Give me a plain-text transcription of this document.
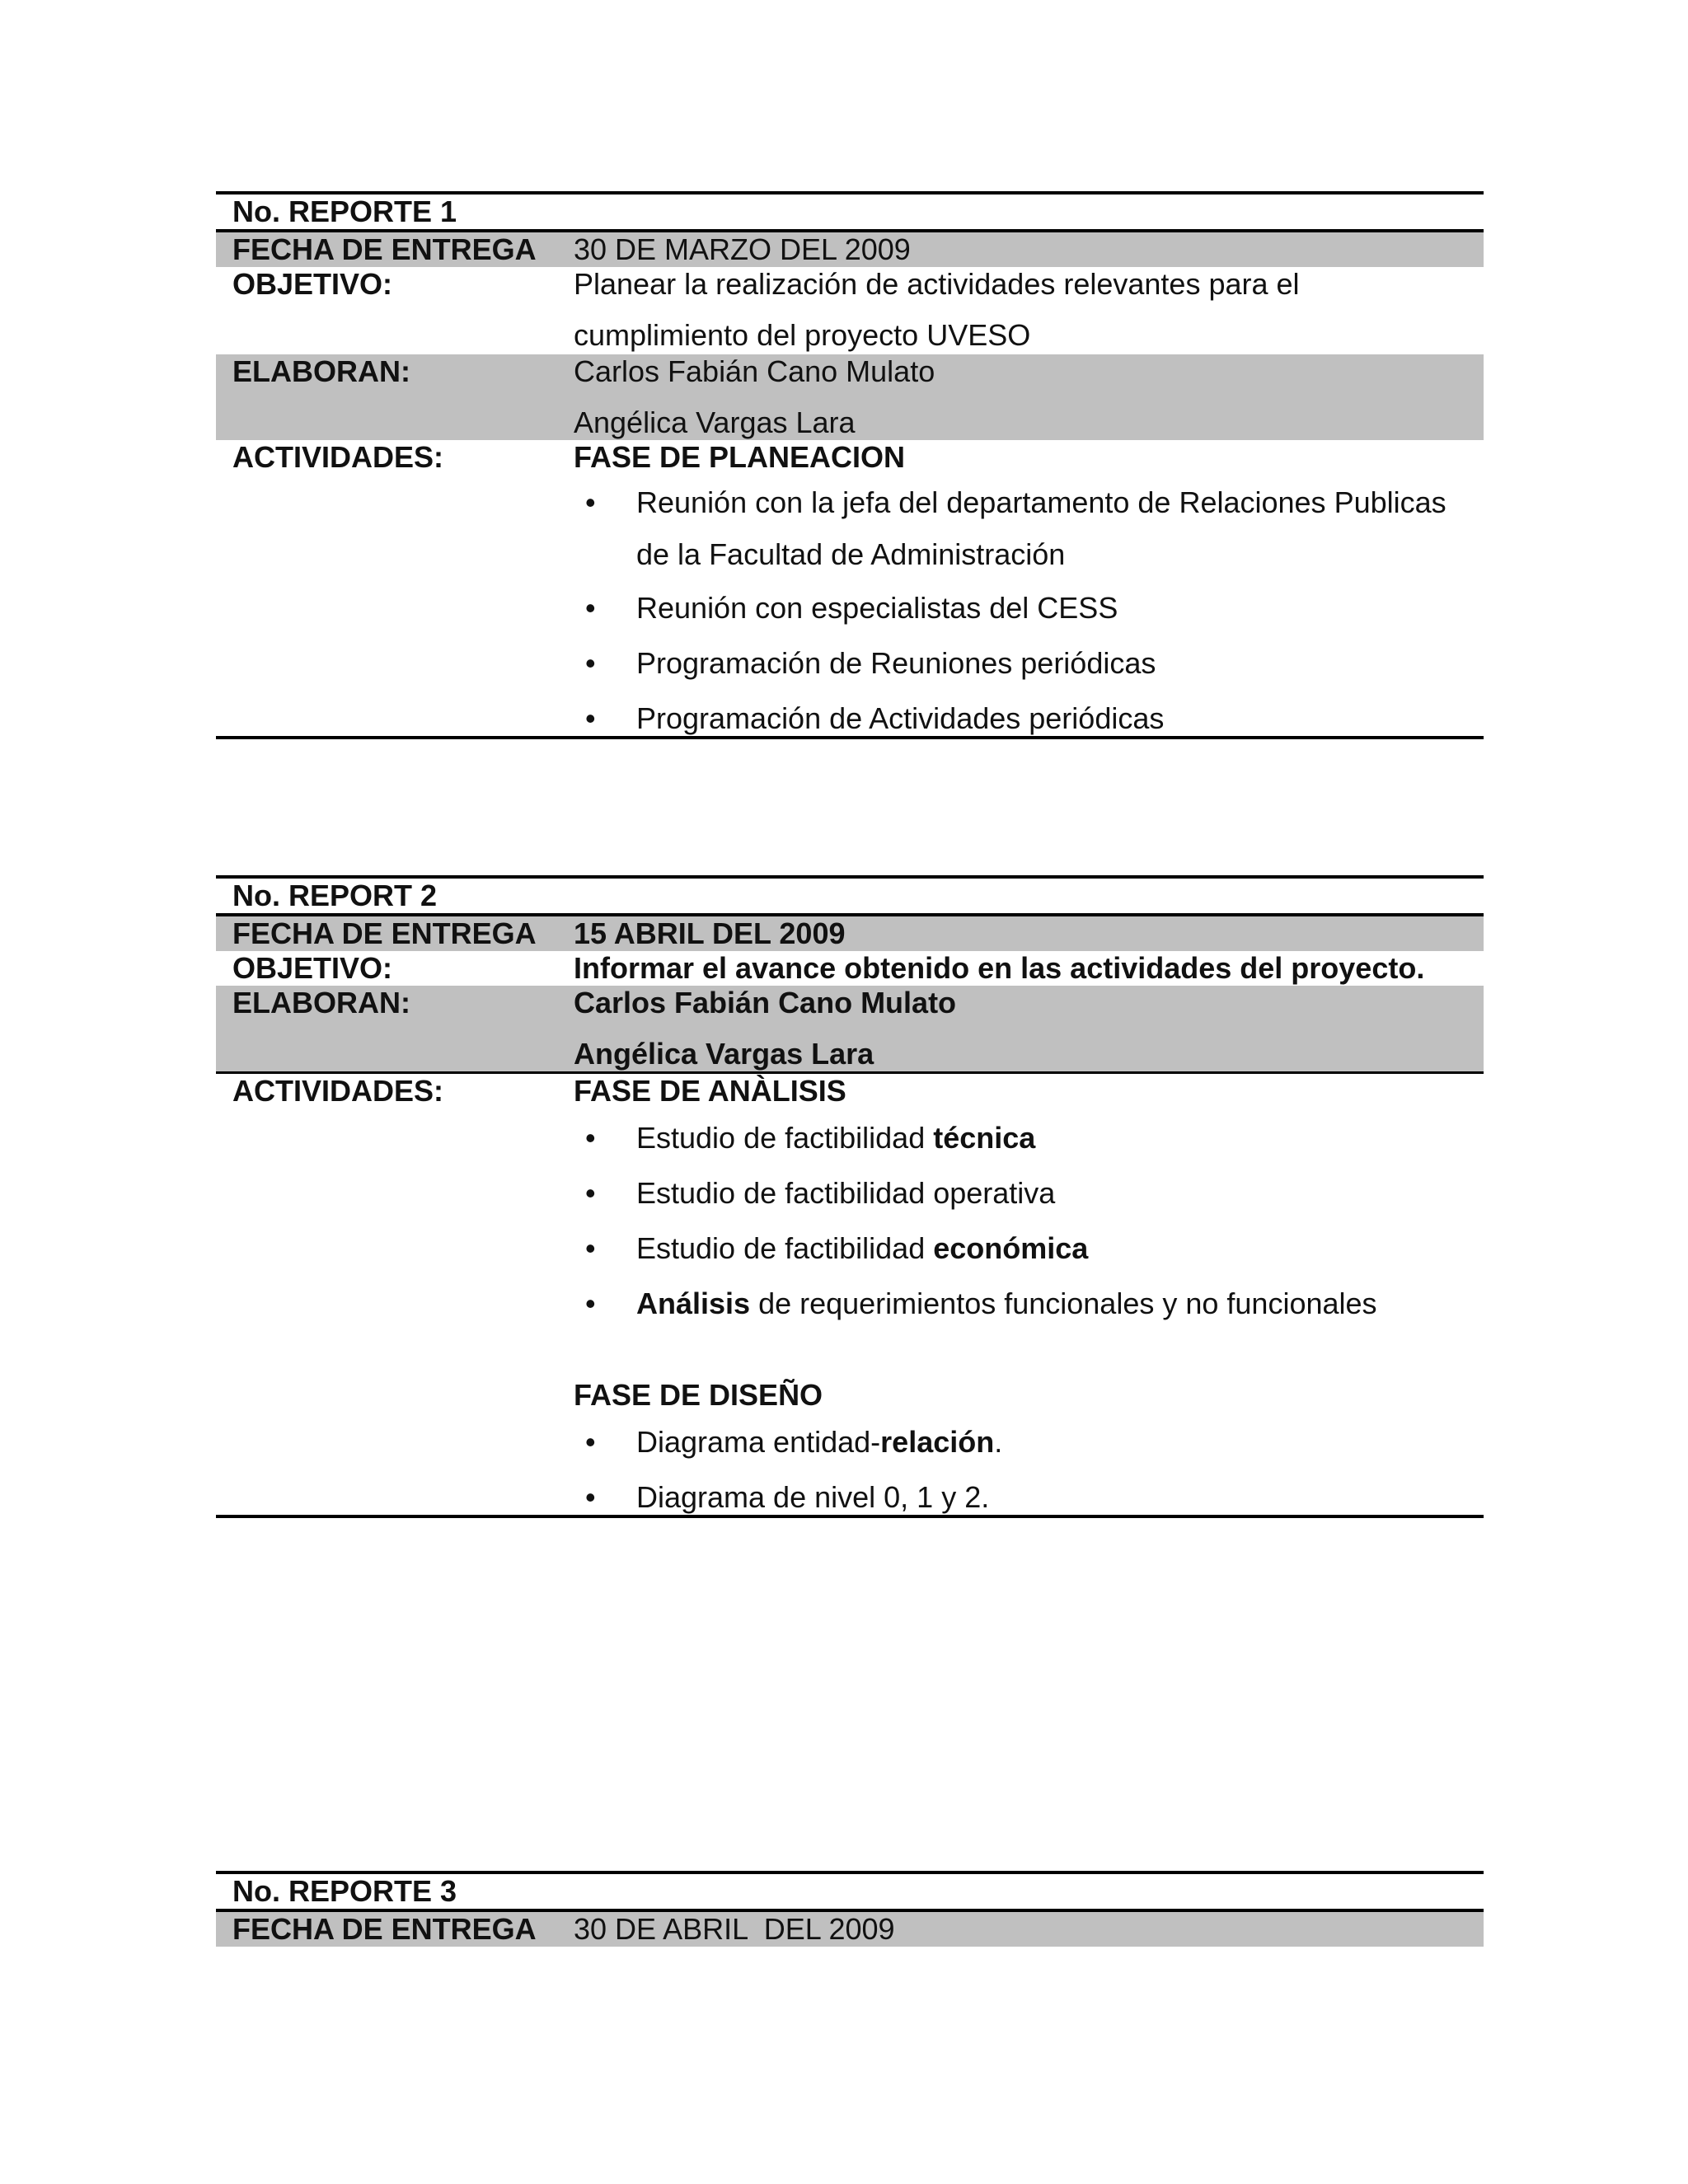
No. REPORTE 1
FECHA DE ENTREGA	30 DE MARZO DEL 2009
OBJETIVO:	Planear la realización de actividades relevantes para el
cumplimiento del proyecto UVESO
ELABORAN:	Carlos Fabián Cano Mulato
Angélica Vargas Lara
ACTIVIDADES:	FASE DE PLANEACION
• Reunión con la jefa del departamento de Relaciones Publicas
de la Facultad de Administración
• Reunión con especialistas del CESS
• Programación de Reuniones periódicas
• Programación de Actividades periódicas
No. REPORT 2
FECHA DE ENTREGA	15 ABRIL DEL 2009
OBJETIVO:	Informar el avance obtenido en las actividades del proyecto.
ELABORAN:	Carlos Fabián Cano Mulato
Angélica Vargas Lara
ACTIVIDADES:	FASE DE ANÀLISIS
• Estudio de factibilidad técnica
• Estudio de factibilidad operativa
• Estudio de factibilidad económica
• Análisis de requerimientos funcionales y no funcionales
FASE DE DISEÑO
• Diagrama entidad-relación.
• Diagrama de nivel 0, 1 y 2.
No. REPORTE 3
FECHA DE ENTREGA	30 DE ABRIL  DEL 2009
